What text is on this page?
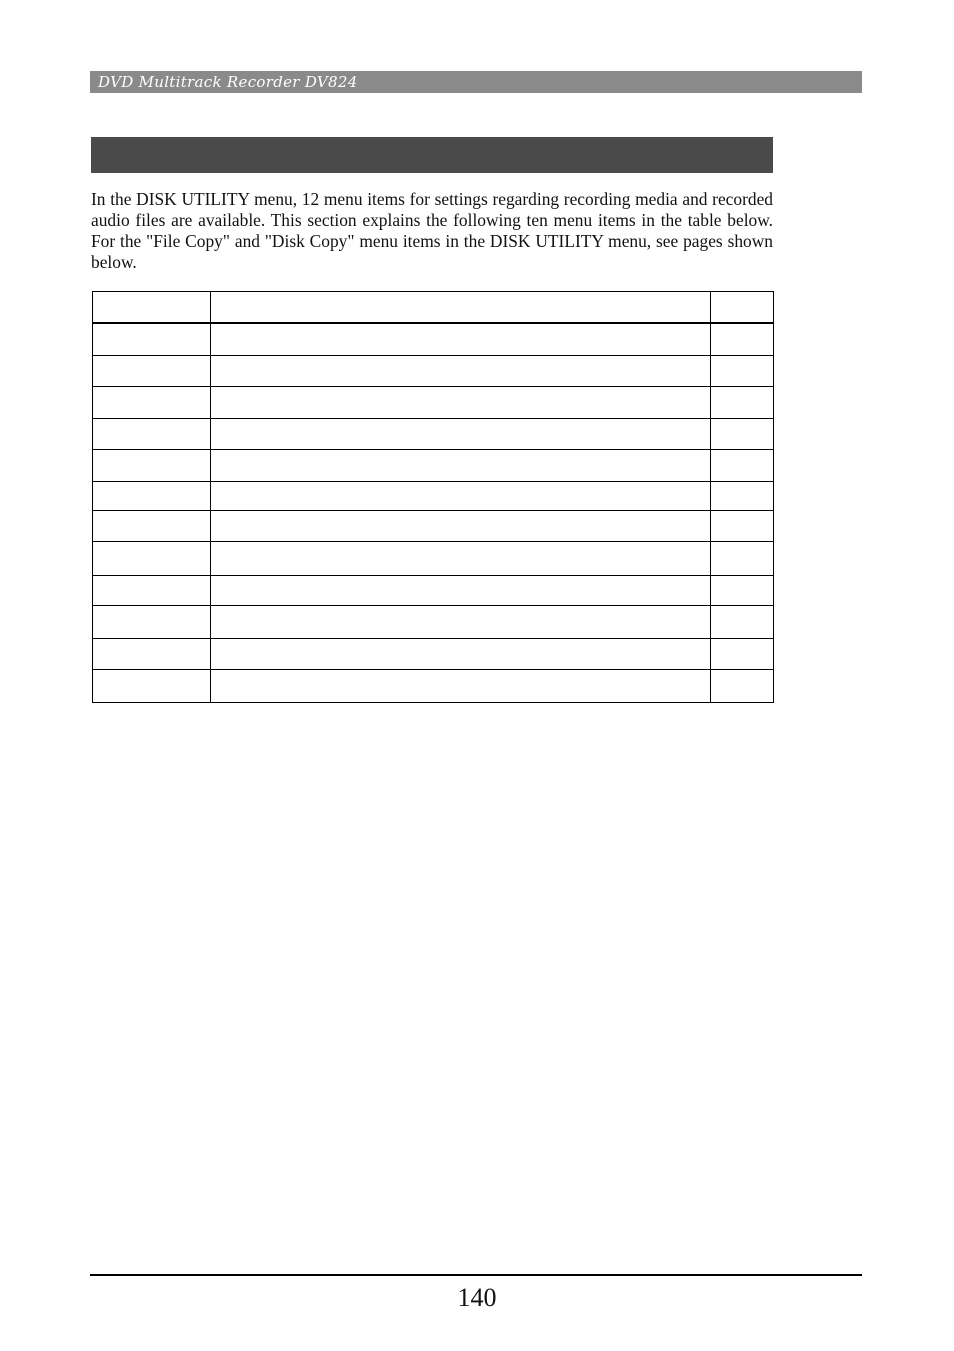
DVD Multitrack Recorder DV824

In the DISK UTILITY menu, 12 menu items for settings regarding recording media and recorded audio files are available. This section explains the following ten menu items in the table below. For the "File Copy" and "Disk Copy" menu items in the DISK UTILITY menu, see pages shown below.

140
